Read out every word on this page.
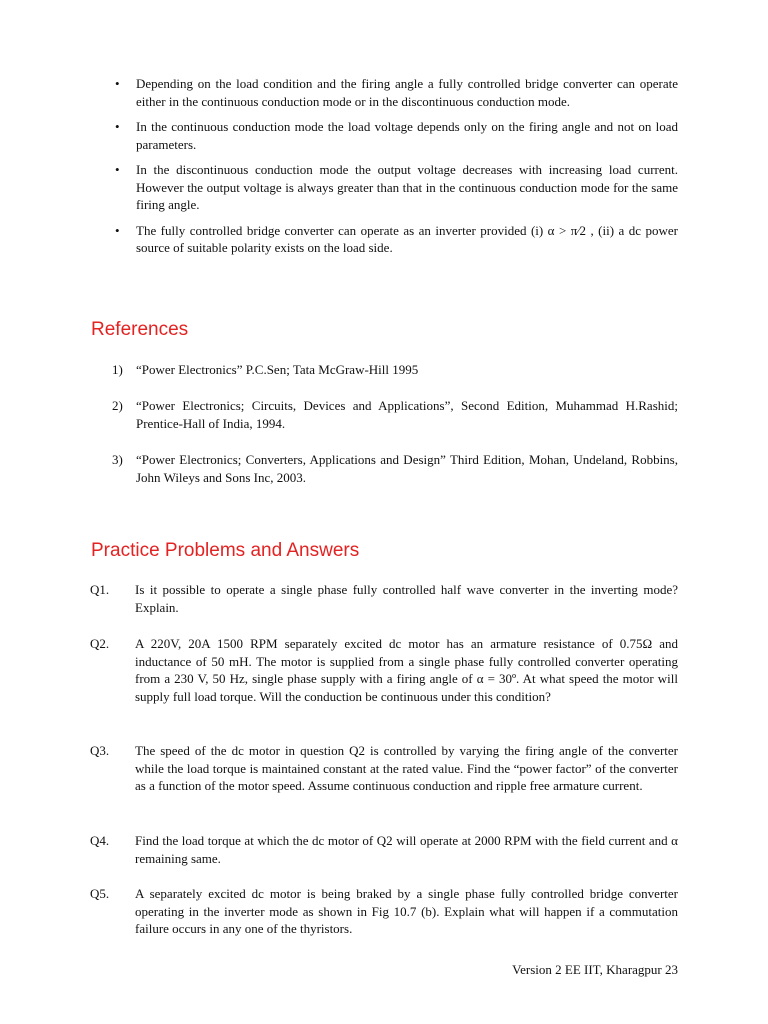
• Depending on the load condition and the firing angle a fully controlled bridge converter can operate either in the continuous conduction mode or in the discontinuous conduction mode.
• In the continuous conduction mode the load voltage depends only on the firing angle and not on load parameters.
• In the discontinuous conduction mode the output voltage decreases with increasing load current. However the output voltage is always greater than that in the continuous conduction mode for the same firing angle.
• The fully controlled bridge converter can operate as an inverter provided (i) α > π⁄2 , (ii) a dc power source of suitable polarity exists on the load side.
References
1) “Power Electronics” P.C.Sen; Tata McGraw-Hill 1995
2) “Power Electronics; Circuits, Devices and Applications”, Second Edition, Muhammad H.Rashid; Prentice-Hall of India, 1994.
3) “Power Electronics; Converters, Applications and Design” Third Edition, Mohan, Undeland, Robbins, John Wileys and Sons Inc, 2003.
Practice Problems and Answers
Q1. Is it possible to operate a single phase fully controlled half wave converter in the inverting mode? Explain.
Q2. A 220V, 20A 1500 RPM separately excited dc motor has an armature resistance of 0.75Ω and inductance of 50 mH. The motor is supplied from a single phase fully controlled converter operating from a 230 V, 50 Hz, single phase supply with a firing angle of α = 30º. At what speed the motor will supply full load torque. Will the conduction be continuous under this condition?
Q3. The speed of the dc motor in question Q2 is controlled by varying the firing angle of the converter while the load torque is maintained constant at the rated value. Find the “power factor” of the converter as a function of the motor speed. Assume continuous conduction and ripple free armature current.
Q4. Find the load torque at which the dc motor of Q2 will operate at 2000 RPM with the field current and α remaining same.
Q5. A separately excited dc motor is being braked by a single phase fully controlled bridge converter operating in the inverter mode as shown in Fig 10.7 (b). Explain what will happen if a commutation failure occurs in any one of the thyristors.
Version 2 EE IIT, Kharagpur 23
